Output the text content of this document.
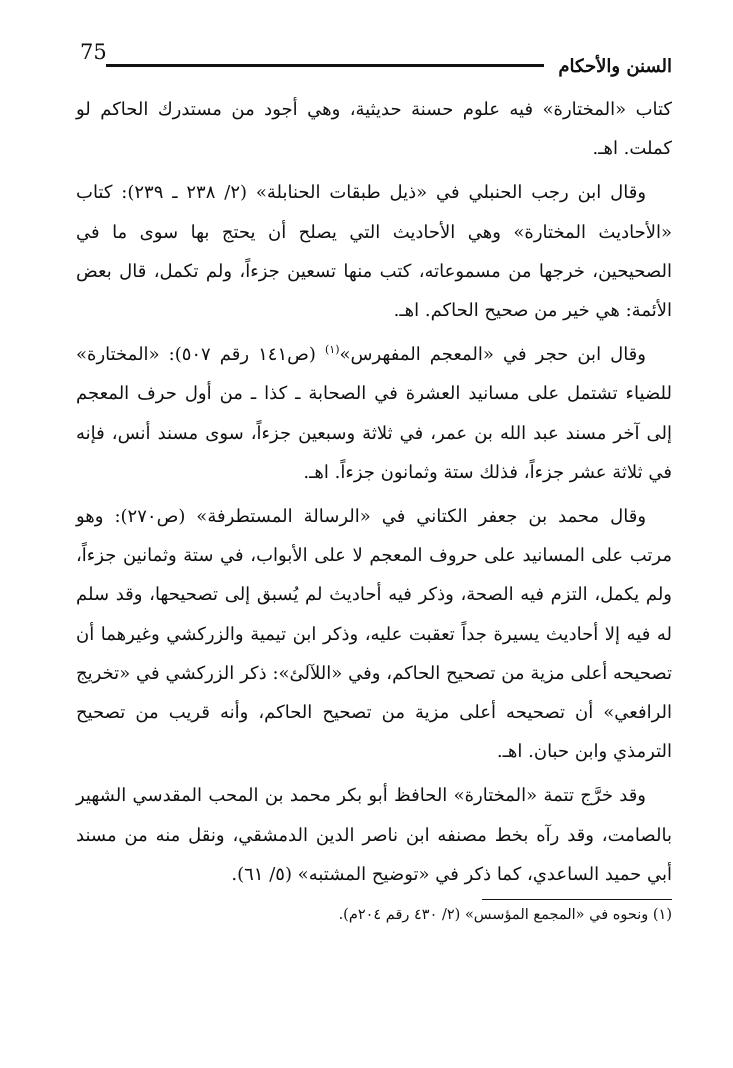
75
السنن والأحكام

كتاب «المختارة» فيه علوم حسنة حديثية، وهي أجود من مستدرك الحاكم لو كملت. اهـ.

وقال ابن رجب الحنبلي في «ذيل طبقات الحنابلة» (٢/ ٢٣٨ ـ ٢٣٩): كتاب «الأحاديث المختارة» وهي الأحاديث التي يصلح أن يحتج بها سوى ما في الصحيحين، خرجها من مسموعاته، كتب منها تسعين جزءاً، ولم تكمل، قال بعض الأئمة: هي خير من صحيح الحاكم. اهـ.

وقال ابن حجر في «المعجم المفهرس»$^{(١)}$ (ص١٤١ رقم ٥٠٧): «المختارة» للضياء تشتمل على مسانيد العشرة في الصحابة ـ كذا ـ من أول حرف المعجم إلى آخر مسند عبد الله بن عمر، في ثلاثة وسبعين جزءاً، سوى مسند أنس، فإنه في ثلاثة عشر جزءاً، فذلك ستة وثمانون جزءاً. اهـ.

وقال محمد بن جعفر الكتاني في «الرسالة المستطرفة» (ص٢٧٠): وهو مرتب على المسانيد على حروف المعجم لا على الأبواب، في ستة وثمانين جزءاً، ولم يكمل، التزم فيه الصحة، وذكر فيه أحاديث لم يُسبق إلى تصحيحها، وقد سلم له فيه إلا أحاديث يسيرة جداً تعقبت عليه، وذكر ابن تيمية والزركشي وغيرهما أن تصحيحه أعلى مزية من تصحيح الحاكم، وفي «اللآلئ»: ذكر الزركشي في «تخريج الرافعي» أن تصحيحه أعلى مزية من تصحيح الحاكم، وأنه قريب من تصحيح الترمذي وابن حبان. اهـ.

وقد خرَّج تتمة «المختارة» الحافظ أبو بكر محمد بن المحب المقدسي الشهير بالصامت، وقد رآه بخط مصنفه ابن ناصر الدين الدمشقي، ونقل منه من مسند أبي حميد الساعدي، كما ذكر في «توضيح المشتبه» (٥/ ٦١).

(١) ونحوه في «المجمع المؤسس» (٢/ ٤٣٠ رقم ٢٠٤م).
